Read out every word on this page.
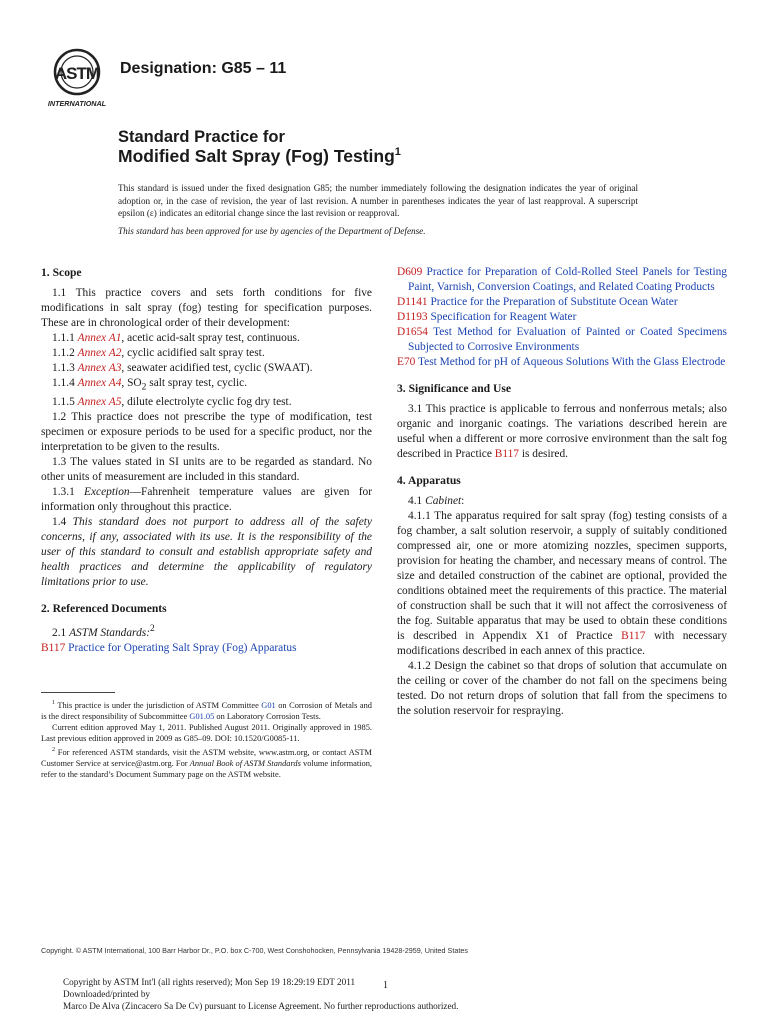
ASTM
INTERNATIONAL
Designation: G85 – 11
Standard Practice for
Modified Salt Spray (Fog) Testing$^1$
This standard is issued under the fixed designation G85; the number immediately following the designation indicates the year of original adoption or, in the case of revision, the year of last revision. A number in parentheses indicates the year of last reapproval. A superscript epsilon (ε) indicates an editorial change since the last revision or reapproval.
This standard has been approved for use by agencies of the Department of Defense.
1. Scope

1.1 This practice covers and sets forth conditions for five modifications in salt spray (fog) testing for specification purposes. These are in chronological order of their development:

1.1.1 Annex A1, acetic acid-salt spray test, continuous.

1.1.2 Annex A2, cyclic acidified salt spray test.

1.1.3 Annex A3, seawater acidified test, cyclic (SWAAT).

1.1.4 Annex A4, $SO_2$ salt spray test, cyclic.

1.1.5 Annex A5, dilute electrolyte cyclic fog dry test.

1.2 This practice does not prescribe the type of modification, test specimen or exposure periods to be used for a specific product, nor the interpretation to be given to the results.

1.3 The values stated in SI units are to be regarded as standard. No other units of measurement are included in this standard.

1.3.1 Exception—Fahrenheit temperature values are given for information only throughout this practice.

1.4 This standard does not purport to address all of the safety concerns, if any, associated with its use. It is the responsibility of the user of this standard to consult and establish appropriate safety and health practices and determine the applicability of regulatory limitations prior to use.

2. Referenced Documents

2.1 ASTM Standards:$^2$

B117 Practice for Operating Salt Spray (Fog) Apparatus

$^1$ This practice is under the jurisdiction of ASTM Committee G01 on Corrosion of Metals and is the direct responsibility of Subcommittee G01.05 on Laboratory Corrosion Tests.

Current edition approved May 1, 2011. Published August 2011. Originally approved in 1985. Last previous edition approved in 2009 as G85–09. DOI: 10.1520/G0085-11.

$^2$ For referenced ASTM standards, visit the ASTM website, www.astm.org, or contact ASTM Customer Service at service@astm.org. For Annual Book of ASTM Standards volume information, refer to the standard’s Document Summary page on the ASTM website.

D609 Practice for Preparation of Cold-Rolled Steel Panels for Testing Paint, Varnish, Conversion Coatings, and Related Coating Products

D1141 Practice for the Preparation of Substitute Ocean Water

D1193 Specification for Reagent Water

D1654 Test Method for Evaluation of Painted or Coated Specimens Subjected to Corrosive Environments

E70 Test Method for pH of Aqueous Solutions With the Glass Electrode

3. Significance and Use

3.1 This practice is applicable to ferrous and nonferrous metals; also organic and inorganic coatings. The variations described herein are useful when a different or more corrosive environment than the salt fog described in Practice B117 is desired.

4. Apparatus

4.1 Cabinet:

4.1.1 The apparatus required for salt spray (fog) testing consists of a fog chamber, a salt solution reservoir, a supply of suitably conditioned compressed air, one or more atomizing nozzles, specimen supports, provision for heating the chamber, and necessary means of control. The size and detailed construction of the cabinet are optional, provided the conditions obtained meet the requirements of this practice. The material of construction shall be such that it will not affect the corrosiveness of the fog. Suitable apparatus that may be used to obtain these conditions is described in Appendix X1 of Practice B117 with necessary modifications described in each annex of this practice.

4.1.2 Design the cabinet so that drops of solution that accumulate on the ceiling or cover of the chamber do not fall on the specimens being tested. Do not return drops of solution that fall from the specimens to the solution reservoir for respraying.

Copyright. © ASTM International, 100 Barr Harbor Dr., P.O. box C-700, West Conshohocken, Pennsylvania 19428-2959, United States
Copyright by ASTM Int'l (all rights reserved); Mon Sep 19 18:29:19 EDT 2011
Downloaded/printed by
Marco De Alva (Zincacero Sa De Cv) pursuant to License Agreement. No further reproductions authorized.
1
